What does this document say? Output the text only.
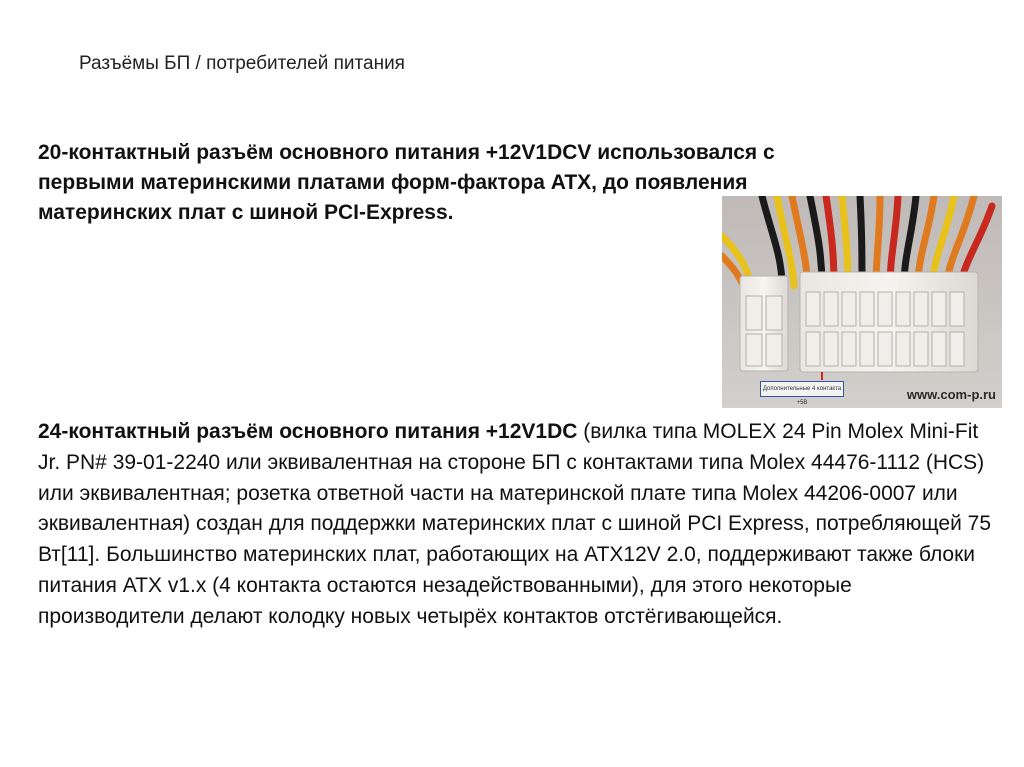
Разъёмы БП / потребителей питания
20-контактный разъём основного питания +12V1DCV использовался с первыми материнскими платами форм-фактора ATX, до появления материнских плат с шиной PCI-Express.
Дополнительные 4 контакта +5В
www.com-p.ru
24-контактный разъём основного питания +12V1DC (вилка типа MOLEX 24 Pin Molex Mini-Fit Jr. PN# 39-01-2240 или эквивалентная на стороне БП с контактами типа Molex 44476-1112 (HCS) или эквивалентная; розетка ответной части на материнской плате типа Molex 44206-0007 или эквивалентная) создан для поддержки материнских плат с шиной PCI Express, потребляющей 75 Вт[11]. Большинство материнских плат, работающих на ATX12V 2.0, поддерживают также блоки питания ATX v1.x (4 контакта остаются незадействованными), для этого некоторые производители делают колодку новых четырёх контактов отстёгивающейся.
